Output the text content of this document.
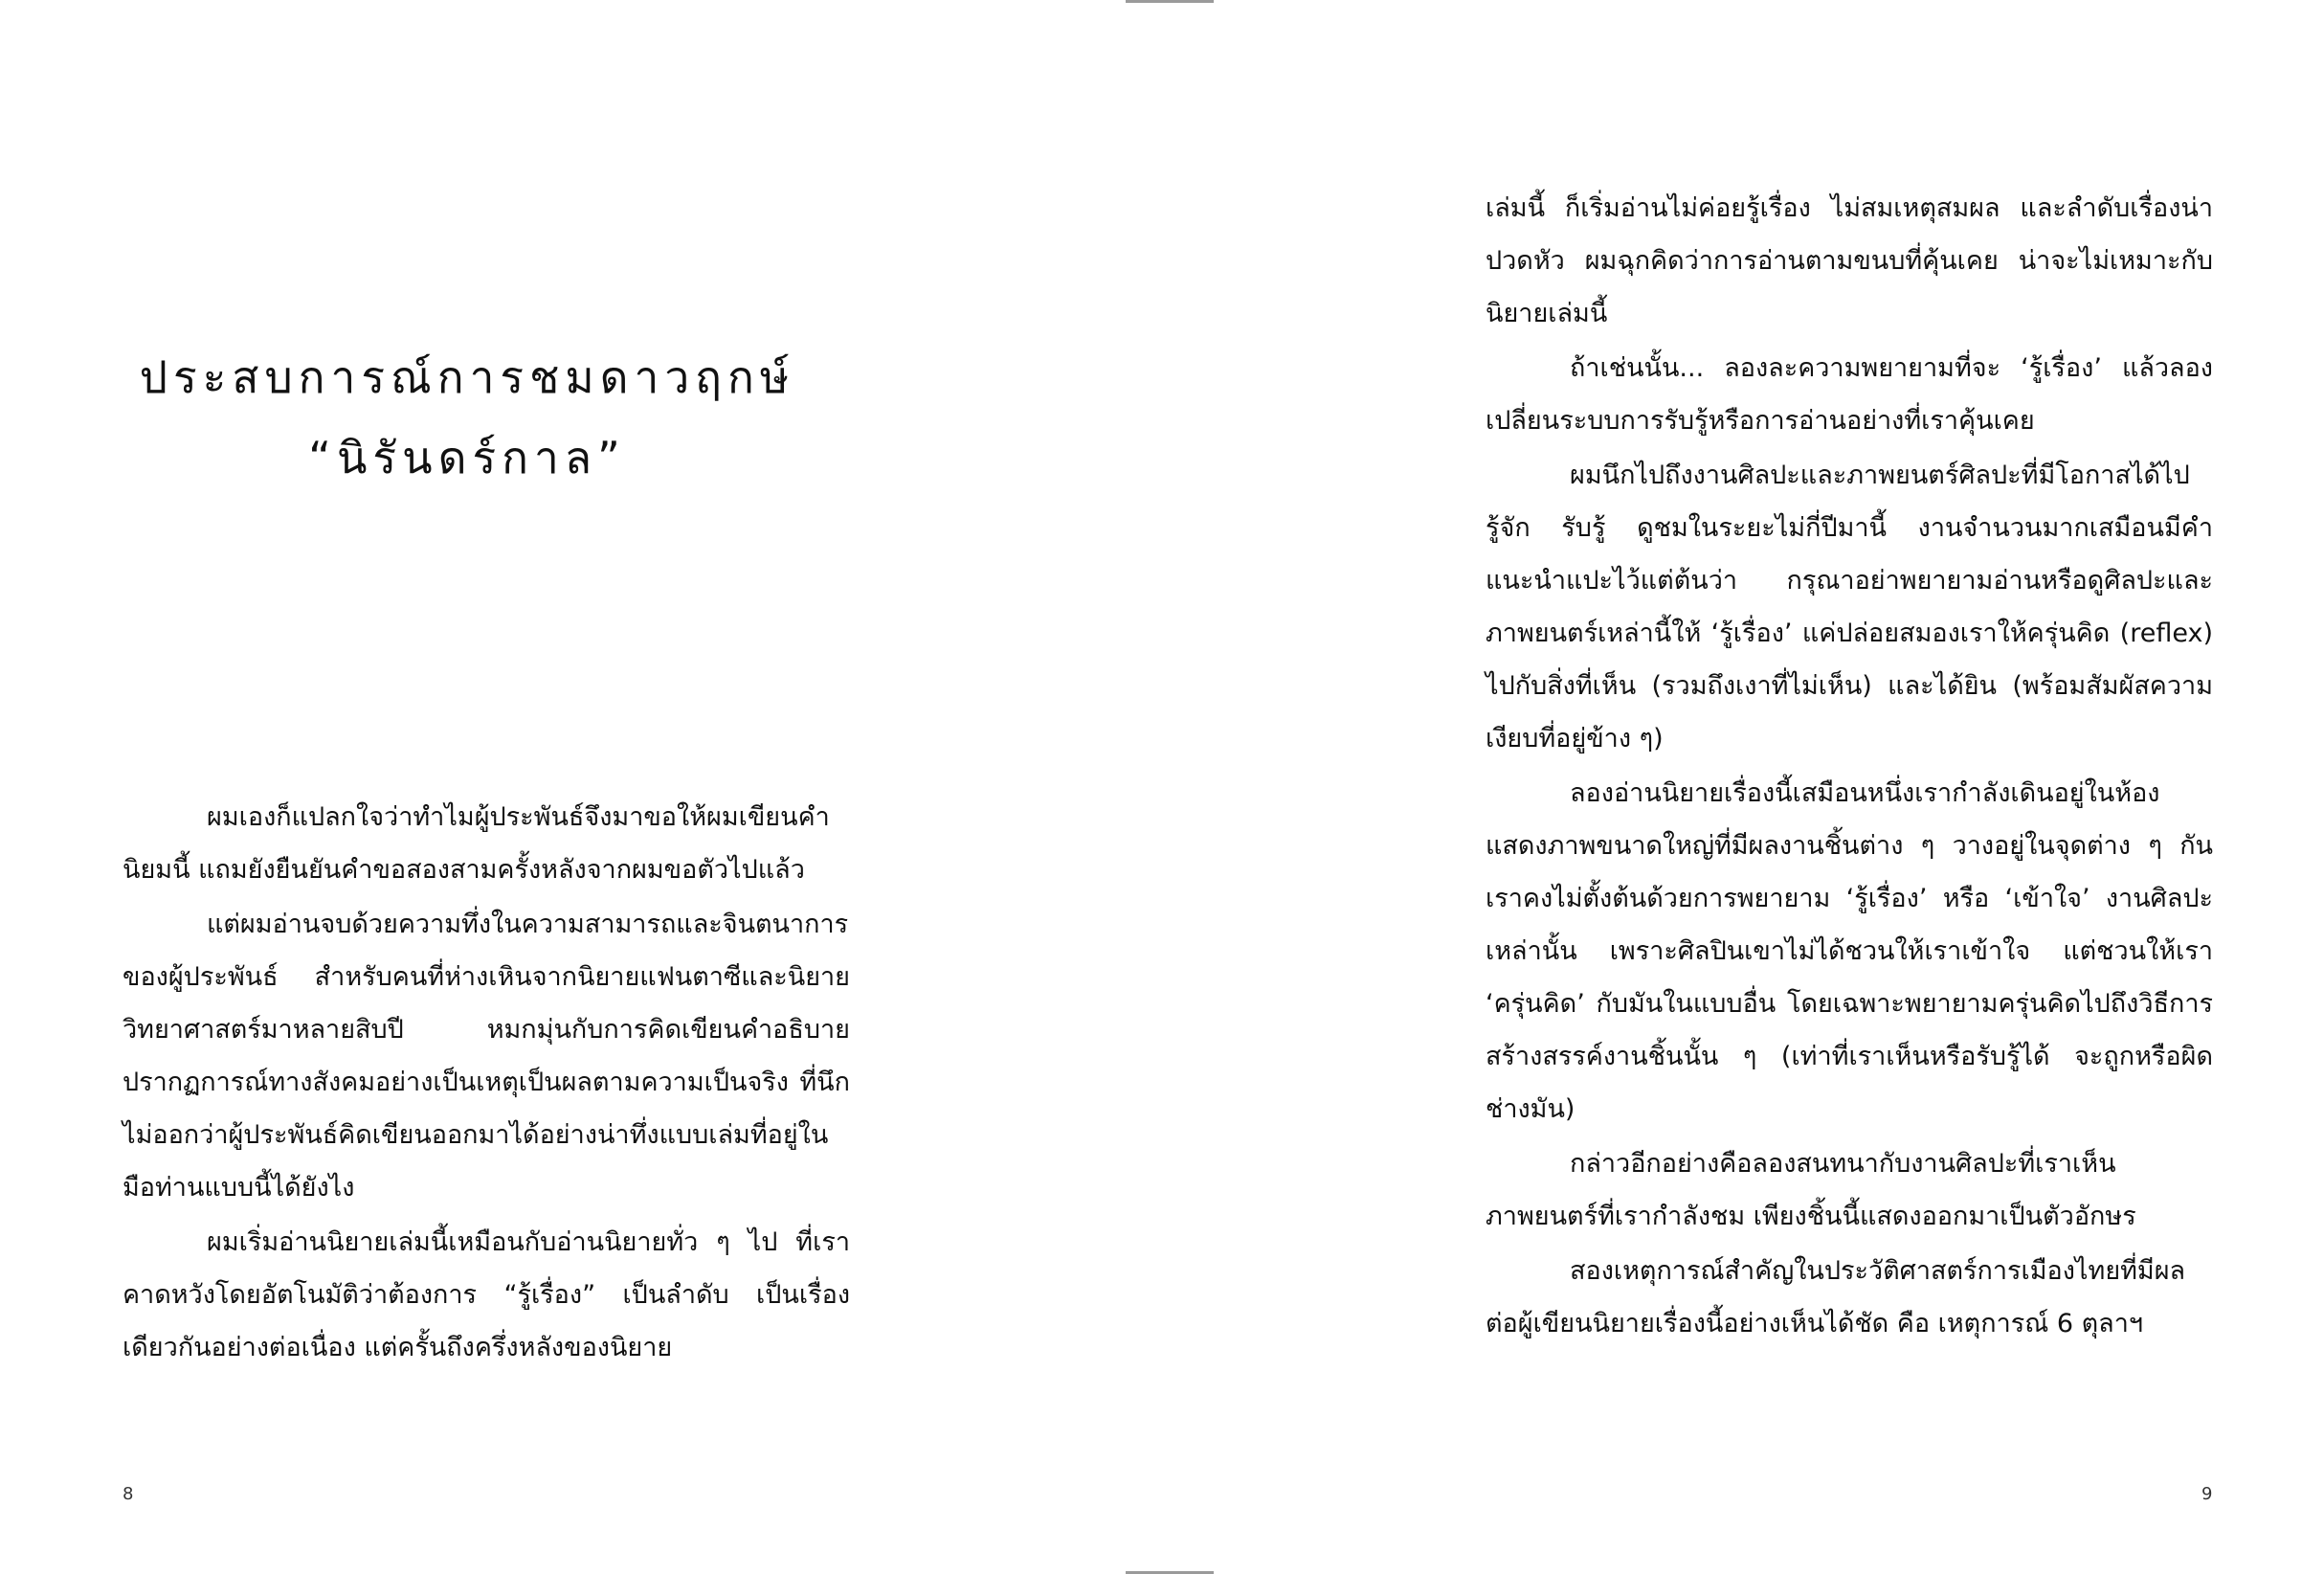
ประสบการณ์การชมดาวฤกษ์
“นิรันดร์กาล”

ผมเองก็แปลกใจว่าทำไมผู้ประพันธ์จึงมาขอให้ผมเขียนคำนิยมนี้ แถมยังยืนยันคำขอสองสามครั้งหลังจากผมขอตัวไปแล้ว

แต่ผมอ่านจบด้วยความทึ่งในความสามารถและจินตนาการของผู้ประพันธ์ สำหรับคนที่ห่างเหินจากนิยายแฟนตาซีและนิยายวิทยาศาสตร์มาหลายสิบปี หมกมุ่นกับการคิดเขียนคำอธิบายปรากฏการณ์ทางสังคมอย่างเป็นเหตุเป็นผลตามความเป็นจริง ที่นึกไม่ออกว่าผู้ประพันธ์คิดเขียนออกมาได้อย่างน่าทึ่งแบบเล่มที่อยู่ในมือท่านแบบนี้ได้ยังไง

ผมเริ่มอ่านนิยายเล่มนี้เหมือนกับอ่านนิยายทั่ว ๆ ไป ที่เราคาดหวังโดยอัตโนมัติว่าต้องการ “รู้เรื่อง” เป็นลำดับ เป็นเรื่องเดียวกันอย่างต่อเนื่อง แต่ครั้นถึงครึ่งหลังของนิยาย

8

เล่มนี้ ก็เริ่มอ่านไม่ค่อยรู้เรื่อง ไม่สมเหตุสมผล และลำดับเรื่องน่าปวดหัว ผมฉุกคิดว่าการอ่านตามขนบที่คุ้นเคย น่าจะไม่เหมาะกับนิยายเล่มนี้

ถ้าเช่นนั้น... ลองละความพยายามที่จะ ‘รู้เรื่อง’ แล้วลองเปลี่ยนระบบการรับรู้หรือการอ่านอย่างที่เราคุ้นเคย

ผมนึกไปถึงงานศิลปะและภาพยนตร์ศิลปะที่มีโอกาสได้ไปรู้จัก รับรู้ ดูชมในระยะไม่กี่ปีมานี้ งานจำนวนมากเสมือนมีคำแนะนำแปะไว้แต่ต้นว่า กรุณาอย่าพยายามอ่านหรือดูศิลปะและภาพยนตร์เหล่านี้ให้ ‘รู้เรื่อง’ แค่ปล่อยสมองเราให้ครุ่นคิด (reflex) ไปกับสิ่งที่เห็น (รวมถึงเงาที่ไม่เห็น) และได้ยิน (พร้อมสัมผัสความเงียบที่อยู่ข้าง ๆ)

ลองอ่านนิยายเรื่องนี้เสมือนหนึ่งเรากำลังเดินอยู่ในห้องแสดงภาพขนาดใหญ่ที่มีผลงานชิ้นต่าง ๆ วางอยู่ในจุดต่าง ๆ กัน เราคงไม่ตั้งต้นด้วยการพยายาม ‘รู้เรื่อง’ หรือ ‘เข้าใจ’ งานศิลปะเหล่านั้น เพราะศิลปินเขาไม่ได้ชวนให้เราเข้าใจ แต่ชวนให้เรา ‘ครุ่นคิด’ กับมันในแบบอื่น โดยเฉพาะพยายามครุ่นคิดไปถึงวิธีการสร้างสรรค์งานชิ้นนั้น ๆ (เท่าที่เราเห็นหรือรับรู้ได้ จะถูกหรือผิด ช่างมัน)

กล่าวอีกอย่างคือลองสนทนากับงานศิลปะที่เราเห็น ภาพยนตร์ที่เรากำลังชม เพียงชิ้นนี้แสดงออกมาเป็นตัวอักษร

สองเหตุการณ์สำคัญในประวัติศาสตร์การเมืองไทยที่มีผลต่อผู้เขียนนิยายเรื่องนี้อย่างเห็นได้ชัด คือ เหตุการณ์ 6 ตุลาฯ

9
